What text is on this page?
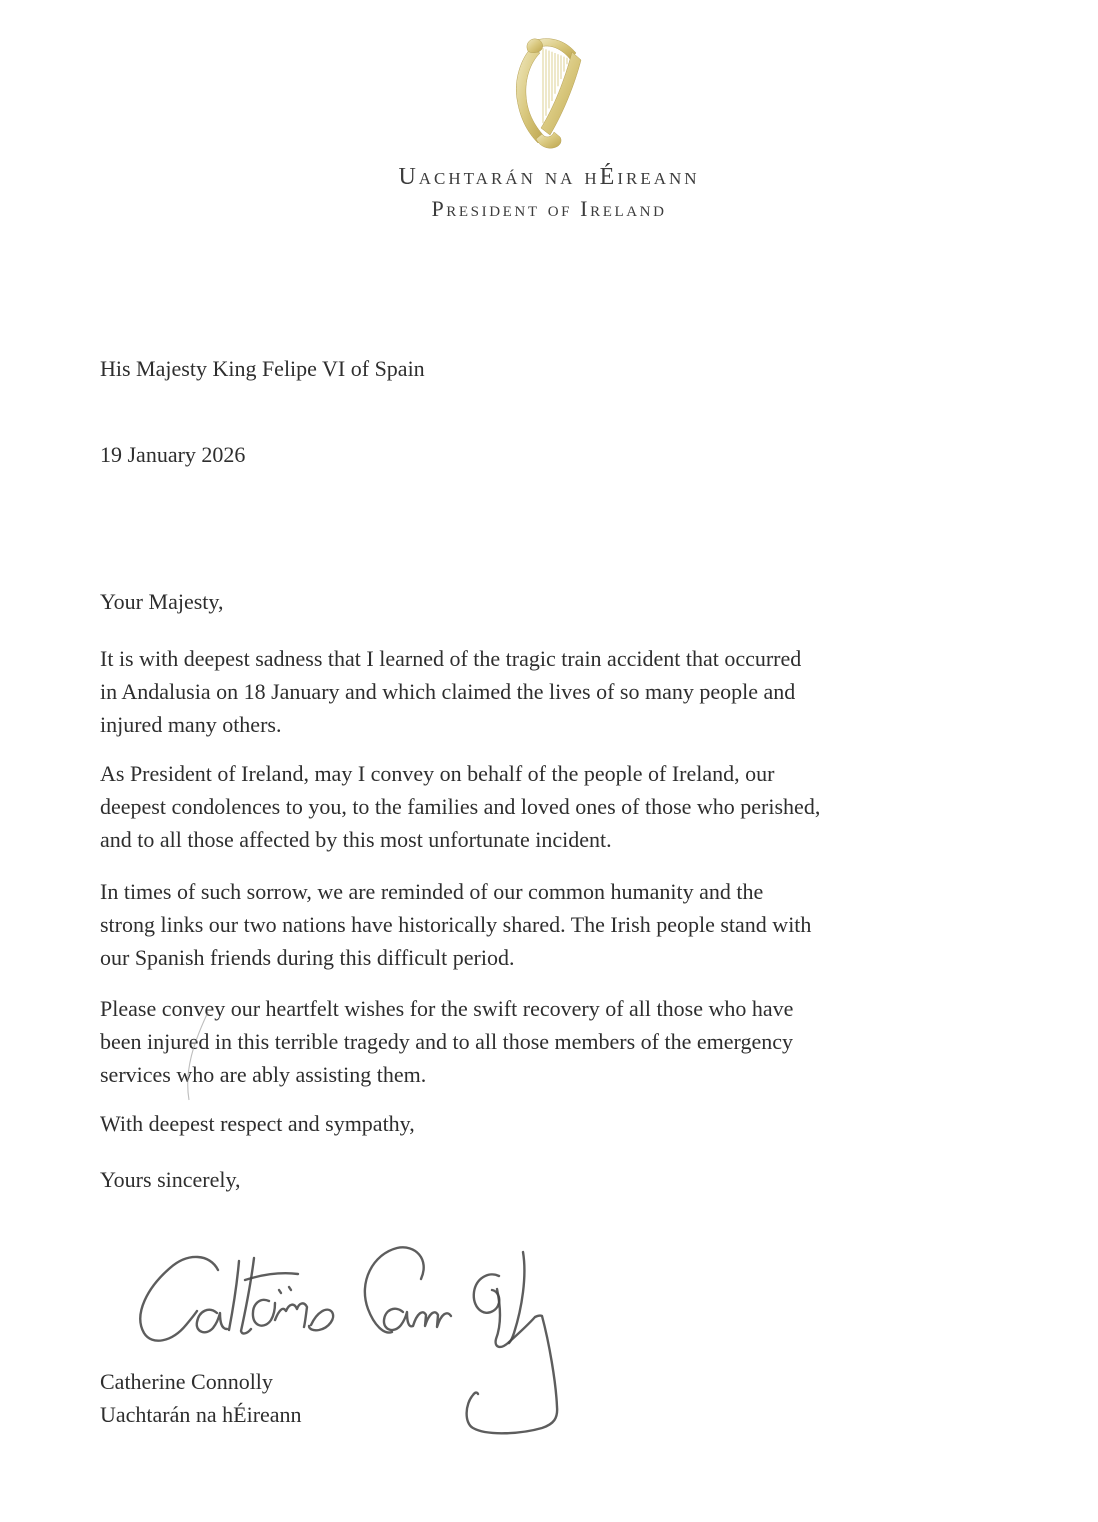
Uachtarán na hÉireann
President of Ireland
His Majesty King Felipe VI of Spain
19 January 2026
Your Majesty,
It is with deepest sadness that I learned of the tragic train accident that occurred
in Andalusia on 18 January and which claimed the lives of so many people and
injured many others.
As President of Ireland, may I convey on behalf of the people of Ireland, our
deepest condolences to you, to the families and loved ones of those who perished,
and to all those affected by this most unfortunate incident.
In times of such sorrow, we are reminded of our common humanity and the
strong links our two nations have historically shared. The Irish people stand with
our Spanish friends during this difficult period.
Please convey our heartfelt wishes for the swift recovery of all those who have
been injured in this terrible tragedy and to all those members of the emergency
services who are ably assisting them.
With deepest respect and sympathy,
Yours sincerely,
Catherine Connolly
Uachtarán na hÉireann
